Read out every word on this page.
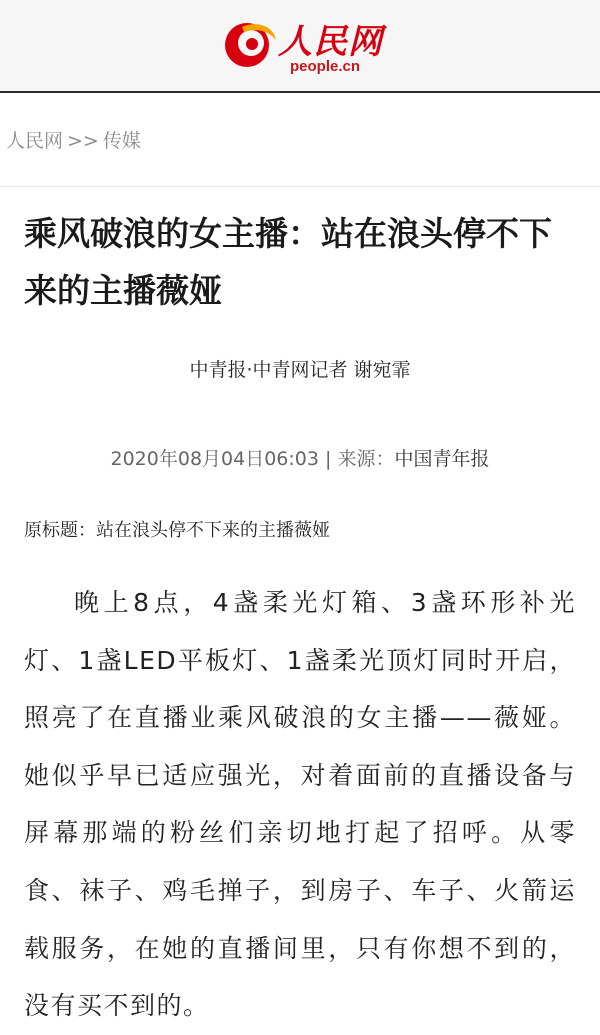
人民网
people.cn
人民网 >> 传媒
乘风破浪的女主播：站在浪头停不下来的主播薇娅
中青报·中青网记者 谢宛霏
2020年08月04日06:03 | 来源：中国青年报
原标题：站在浪头停不下来的主播薇娅
晚上8点，4盏柔光灯箱、3盏环形补光灯、1盏LED平板灯、1盏柔光顶灯同时开启，照亮了在直播业乘风破浪的女主播——薇娅。她似乎早已适应强光，对着面前的直播设备与屏幕那端的粉丝们亲切地打起了招呼。从零食、袜子、鸡毛掸子，到房子、车子、火箭运载服务，在她的直播间里，只有你想不到的，没有买不到的。
